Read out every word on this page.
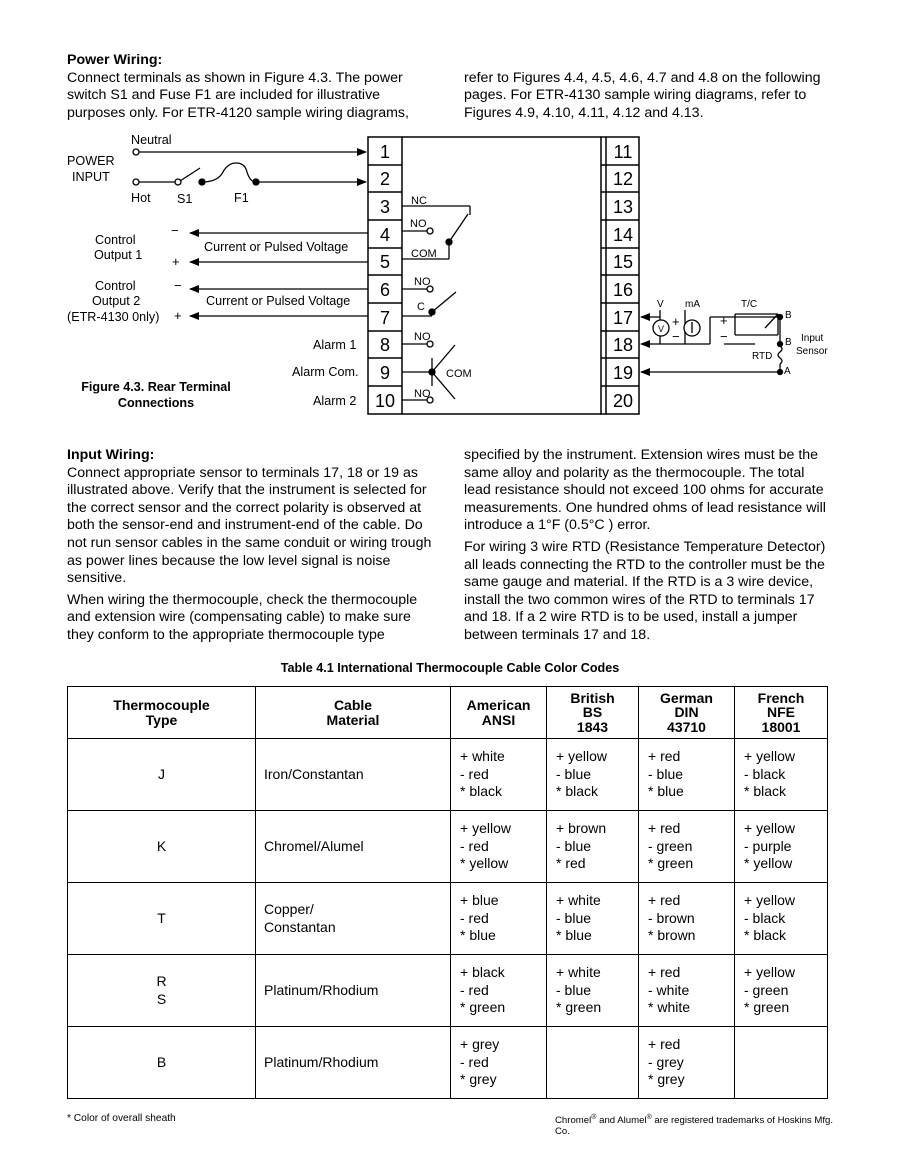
Power Wiring:
Connect terminals as shown in Figure 4.3. The power switch S1 and Fuse F1 are included for illustrative purposes only. For ETR-4120 sample wiring diagrams,
refer to Figures 4.4, 4.5, 4.6, 4.7 and 4.8 on the following pages. For ETR-4130 sample wiring diagrams, refer to Figures 4.9, 4.10, 4.11, 4.12 and 4.13.
1
2
3
4
5
6
7
8
9
10
11
12
13
14
15
16
17
18
19
20
V
Neutral
POWER
INPUT
Hot S1	F1
Control
Output 1
Current or Pulsed Voltage
Control
Output 2
(ETR-4130 0nly)
Current or Pulsed Voltage
Alarm 1
Alarm Com.
Alarm 2
−
+
−
+	+
−
+
−
NC
NO
COM
NO
C
NO
COM
NO
V mA	T/C
B
B
RTD
A
Input
Sensor
Figure 4.3. Rear Terminal
Connections
Input Wiring:
Connect appropriate sensor to terminals 17, 18 or 19 as illustrated above. Verify that the instrument is selected for the correct sensor and the correct polarity is observed at both the sensor-end and instrument-end of the cable. Do not run sensor cables in the same conduit or wiring trough as power lines because the low level signal is noise sensitive.
When wiring the thermocouple, check the thermocouple and extension wire (compensating cable) to make sure they conform to the appropriate thermocouple type
specified by the instrument. Extension wires must be the same alloy and polarity as the thermocouple. The total lead resistance should not exceed 100 ohms for accurate measurements. One hundred ohms of lead resistance will introduce a 1°F (0.5°C ) error.
For wiring 3 wire RTD (Resistance Temperature Detector) all leads connecting the RTD to the controller must be the same gauge and material. If the RTD is a 3 wire device, install the two common wires of the RTD to terminals 17 and 18. If a 2 wire RTD is to be used, install a jumper between terminals 17 and 18.
Table 4.1 International Thermocouple Cable Color Codes
Thermocouple
Type	Cable
Material	American
ANSI	British
BS
1843	German
DIN
43710	French
NFE
18001
J	Iron/Constantan	+ white
- red
* black	+ yellow
- blue
* black	+ red
- blue
* blue	+ yellow
- black
* black
K	Chromel/Alumel	+ yellow
- red
* yellow	+ brown
- blue
* red	+ red
- green
* green	+ yellow
- purple
* yellow
T	Copper/
Constantan	+ blue
- red
* blue	+ white
- blue
* blue	+ red
- brown
* brown	+ yellow
- black
* black
R
S	Platinum/Rhodium	+ black
- red
* green	+ white
- blue
* green	+ red
- white
* white	+ yellow
- green
* green
B	Platinum/Rhodium	+ grey
- red
* grey		+ red
- grey
* grey	
* Color of overall sheath	Chromel® and Alumel® are registered trademarks of Hoskins Mfg. Co.
